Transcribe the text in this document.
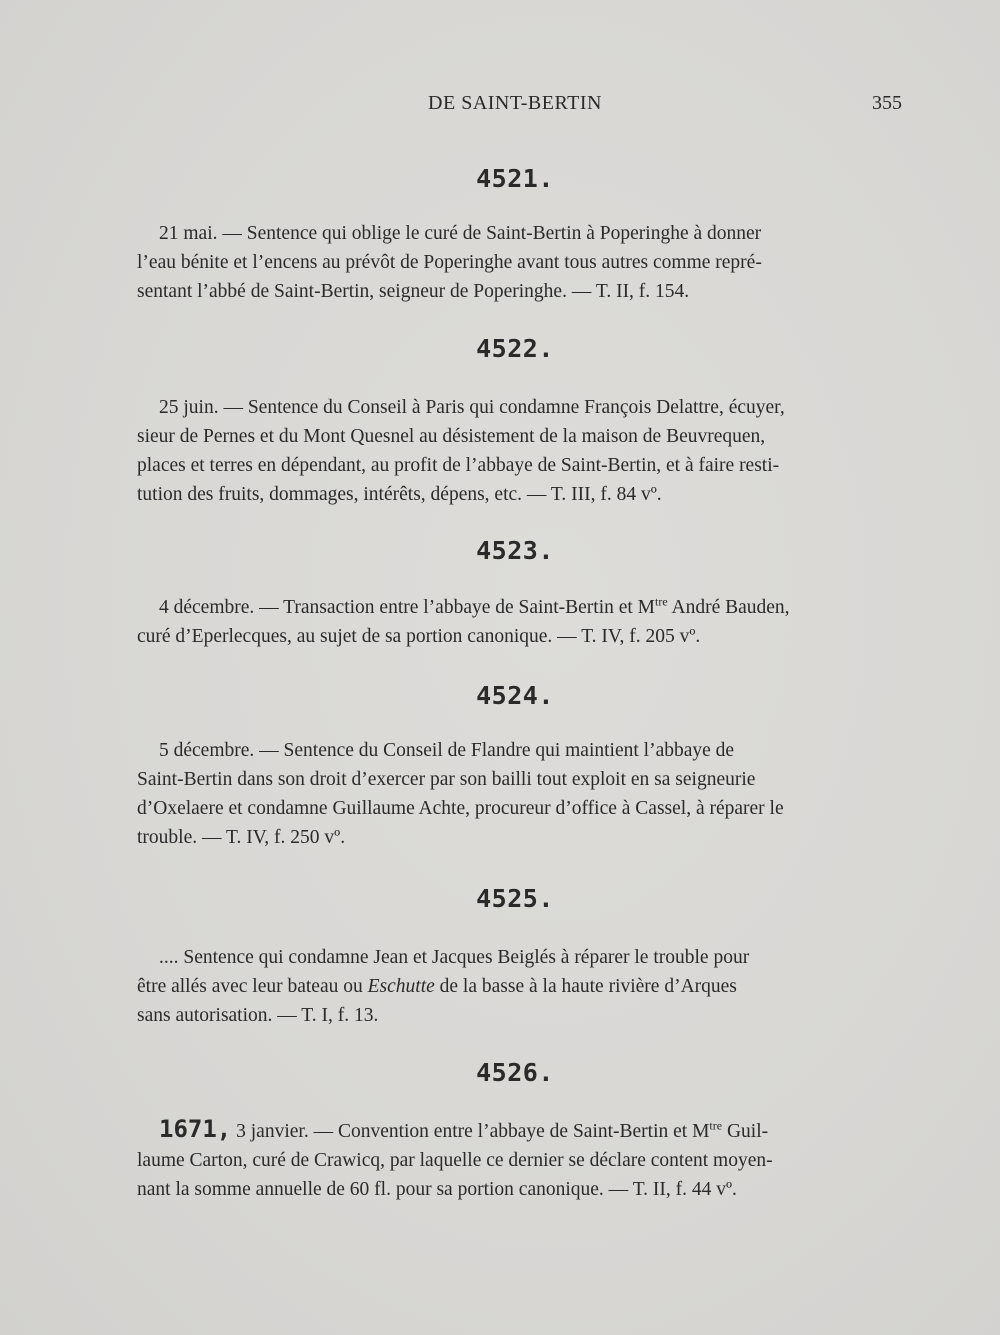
DE SAINT-BERTIN	355
4521.
21 mai. — Sentence qui oblige le curé de Saint-Bertin à Poperinghe à donner
l’eau bénite et l’encens au prévôt de Poperinghe avant tous autres comme repré-
sentant l’abbé de Saint-Bertin, seigneur de Poperinghe. — T. II, f. 154.
4522.
25 juin. — Sentence du Conseil à Paris qui condamne François Delattre, écuyer,
sieur de Pernes et du Mont Quesnel au désistement de la maison de Beuvrequen,
places et terres en dépendant, au profit de l’abbaye de Saint-Bertin, et à faire resti-
tution des fruits, dommages, intérêts, dépens, etc. — T. III, f. 84 vº.
4523.
4 décembre. — Transaction entre l’abbaye de Saint-Bertin et $M^{tre}$ André Bauden,
curé d’Eperlecques, au sujet de sa portion canonique. — T. IV, f. 205 vº.
4524.
5 décembre. — Sentence du Conseil de Flandre qui maintient l’abbaye de
Saint-Bertin dans son droit d’exercer par son bailli tout exploit en sa seigneurie
d’Oxelaere et condamne Guillaume Achte, procureur d’office à Cassel, à réparer le
trouble. — T. IV, f. 250 vº.
4525.
.... Sentence qui condamne Jean et Jacques Beiglés à réparer le trouble pour
être allés avec leur bateau ou Eschutte de la basse à la haute rivière d’Arques
sans autorisation. — T. I, f. 13.
4526.
1671, 3 janvier. — Convention entre l’abbaye de Saint-Bertin et $M^{tre}$ Guil-
laume Carton, curé de Crawicq, par laquelle ce dernier se déclare content moyen-
nant la somme annuelle de 60 fl. pour sa portion canonique. — T. II, f. 44 vº.
